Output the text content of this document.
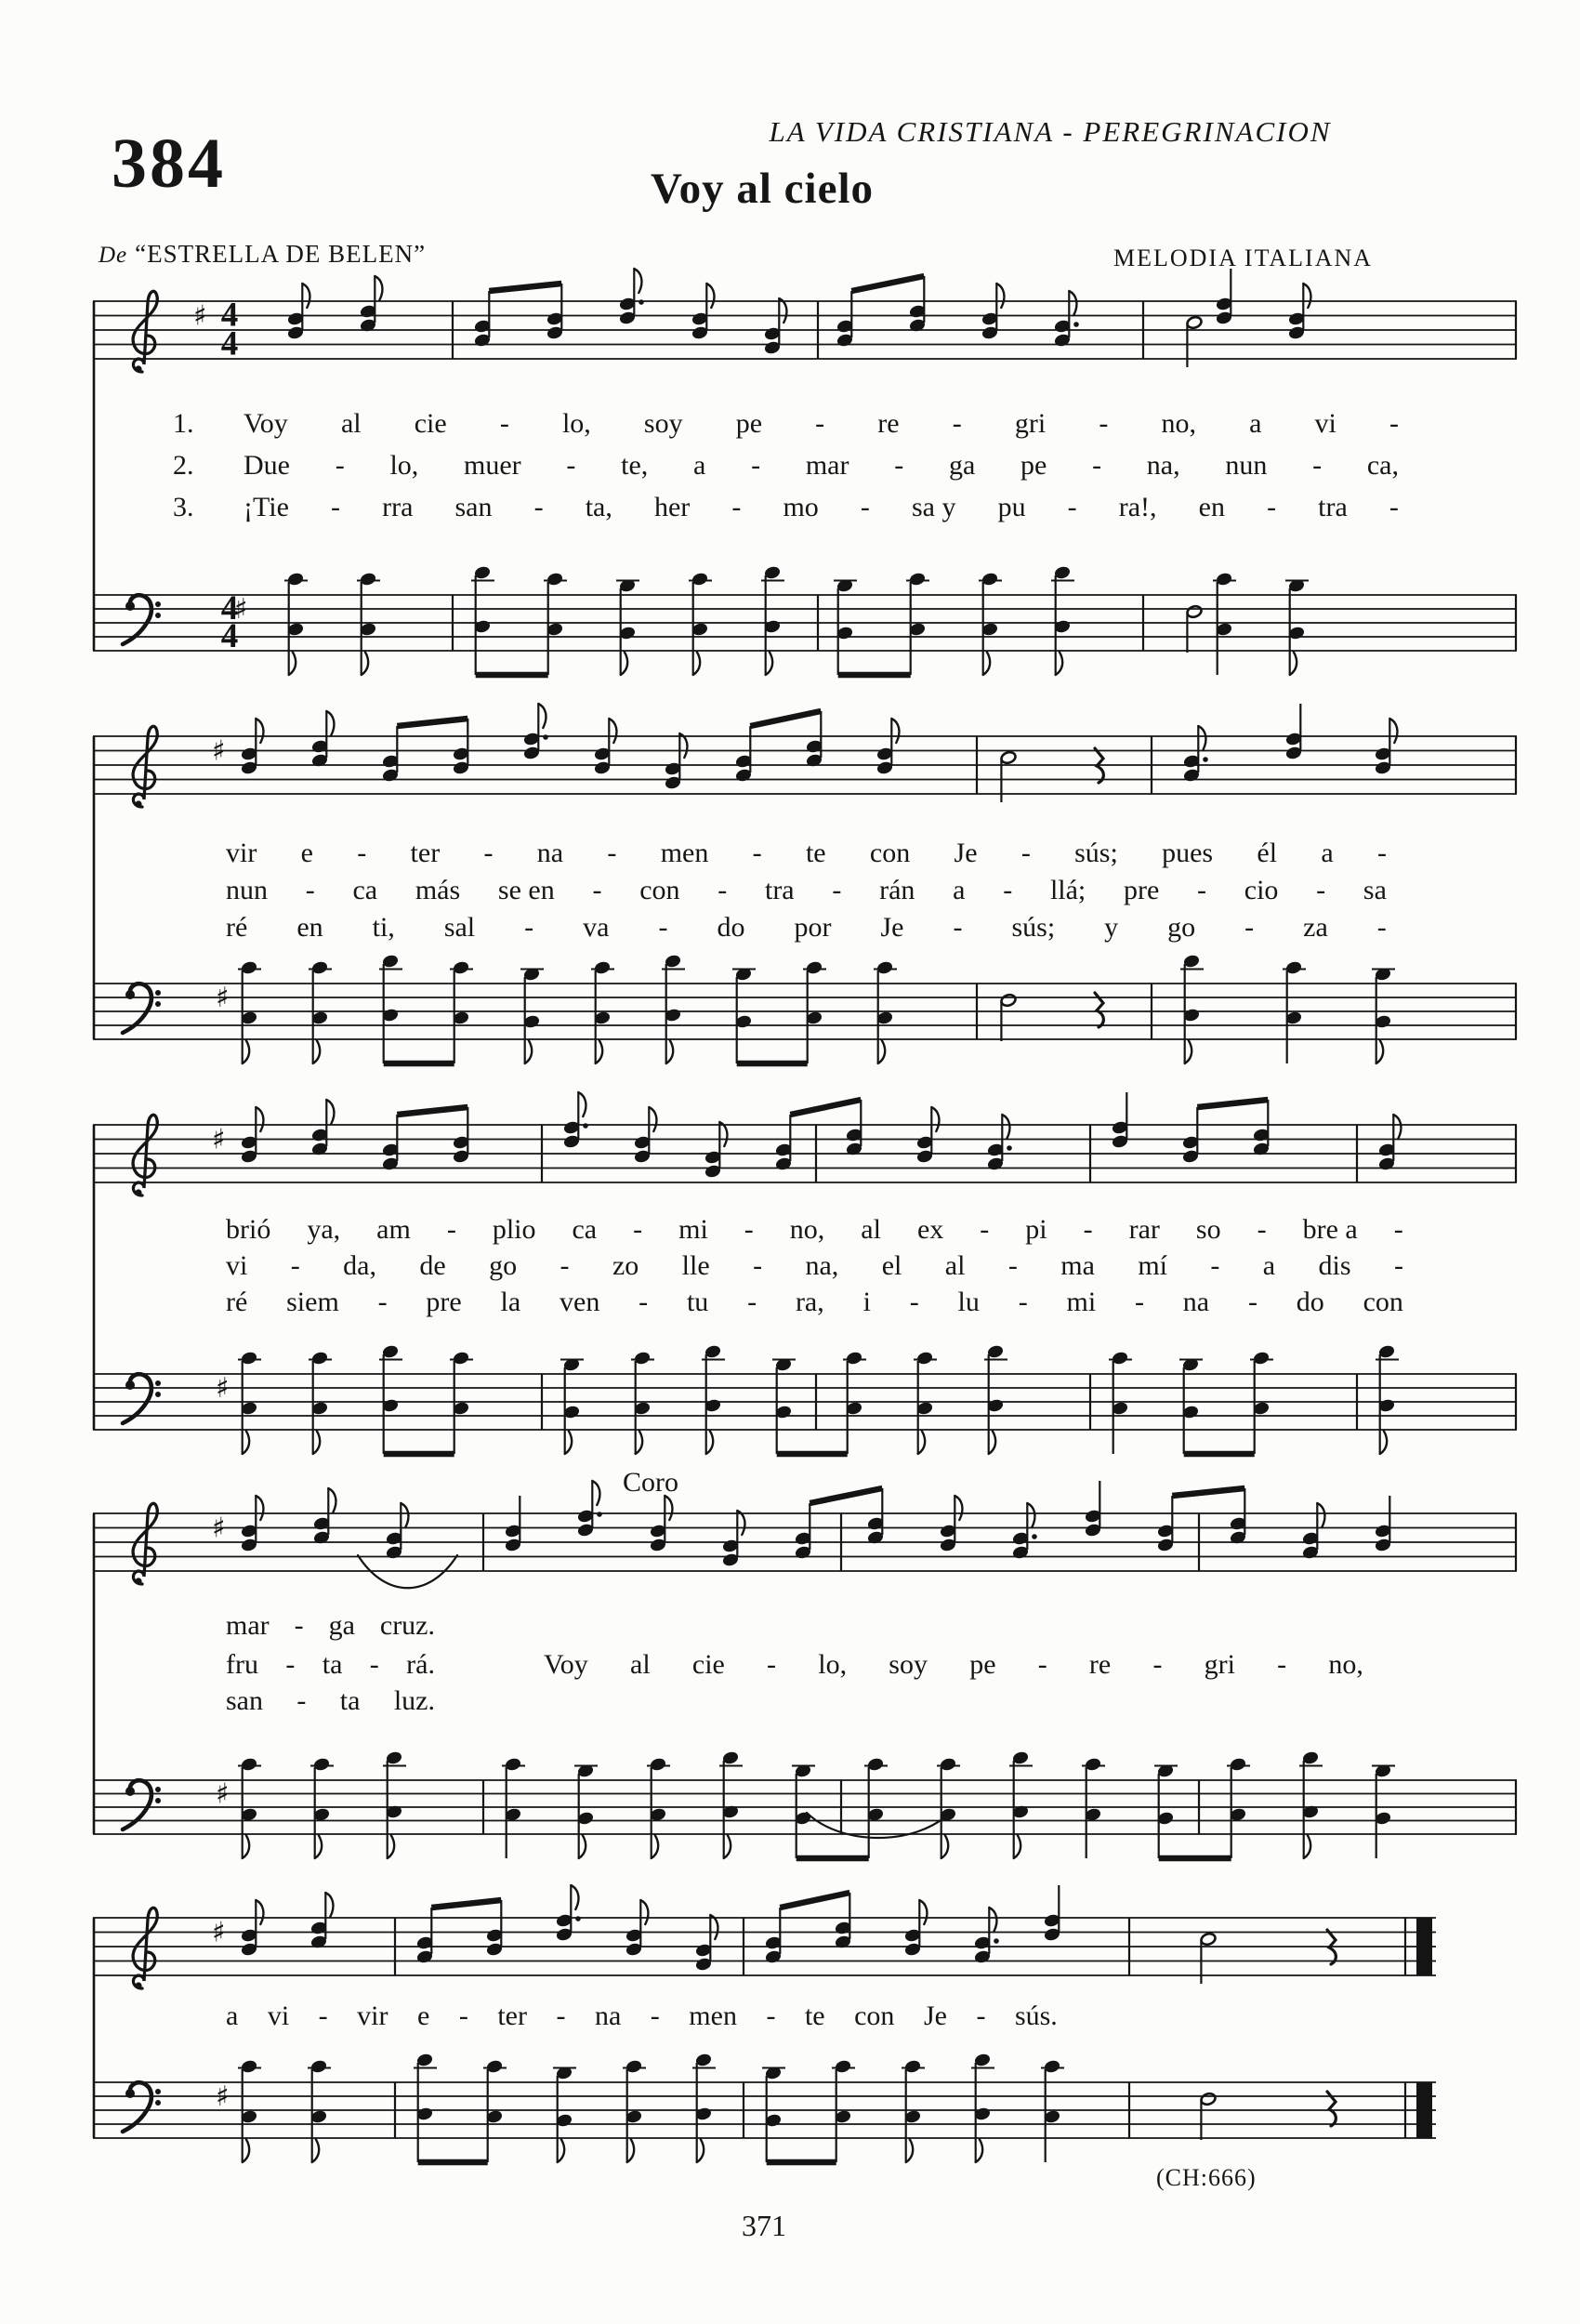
♯
♯
4
4
4
4
♯
♯
♯
♯
♯
♯
♯
♯
LA VIDA CRISTIANA - PEREGRINACION
384	Voy al cielo
De “ESTRELLA DE BELEN”	MELODIA ITALIANA
Coro
1.
2.
3.
Voy al cie - lo, soy pe - re - gri - no, a vi -
Due - lo, muer - te, a - mar - ga pe - na, nun - ca,
¡Tie - rra san - ta, her - mo - sa y pu - ra!, en - tra -
vir e - ter - na - men - te con Je - sús; pues él a -
nun - ca más se en - con - tra - rán a - llá; pre - cio - sa
ré en ti, sal - va - do por Je - sús; y go - za -
brió ya, am - plio ca - mi - no, al ex - pi - rar so - bre a -
vi - da, de go - zo lle - na, el al - ma mí - a dis -
ré siem - pre la ven - tu - ra, i - lu - mi - na - do con
mar - ga cruz.
fru - ta - rá.
san - ta luz.
Voy al cie - lo, soy pe - re - gri - no,
a vi - vir e - ter - na - men - te con Je - sús.
(CH:666)
371
